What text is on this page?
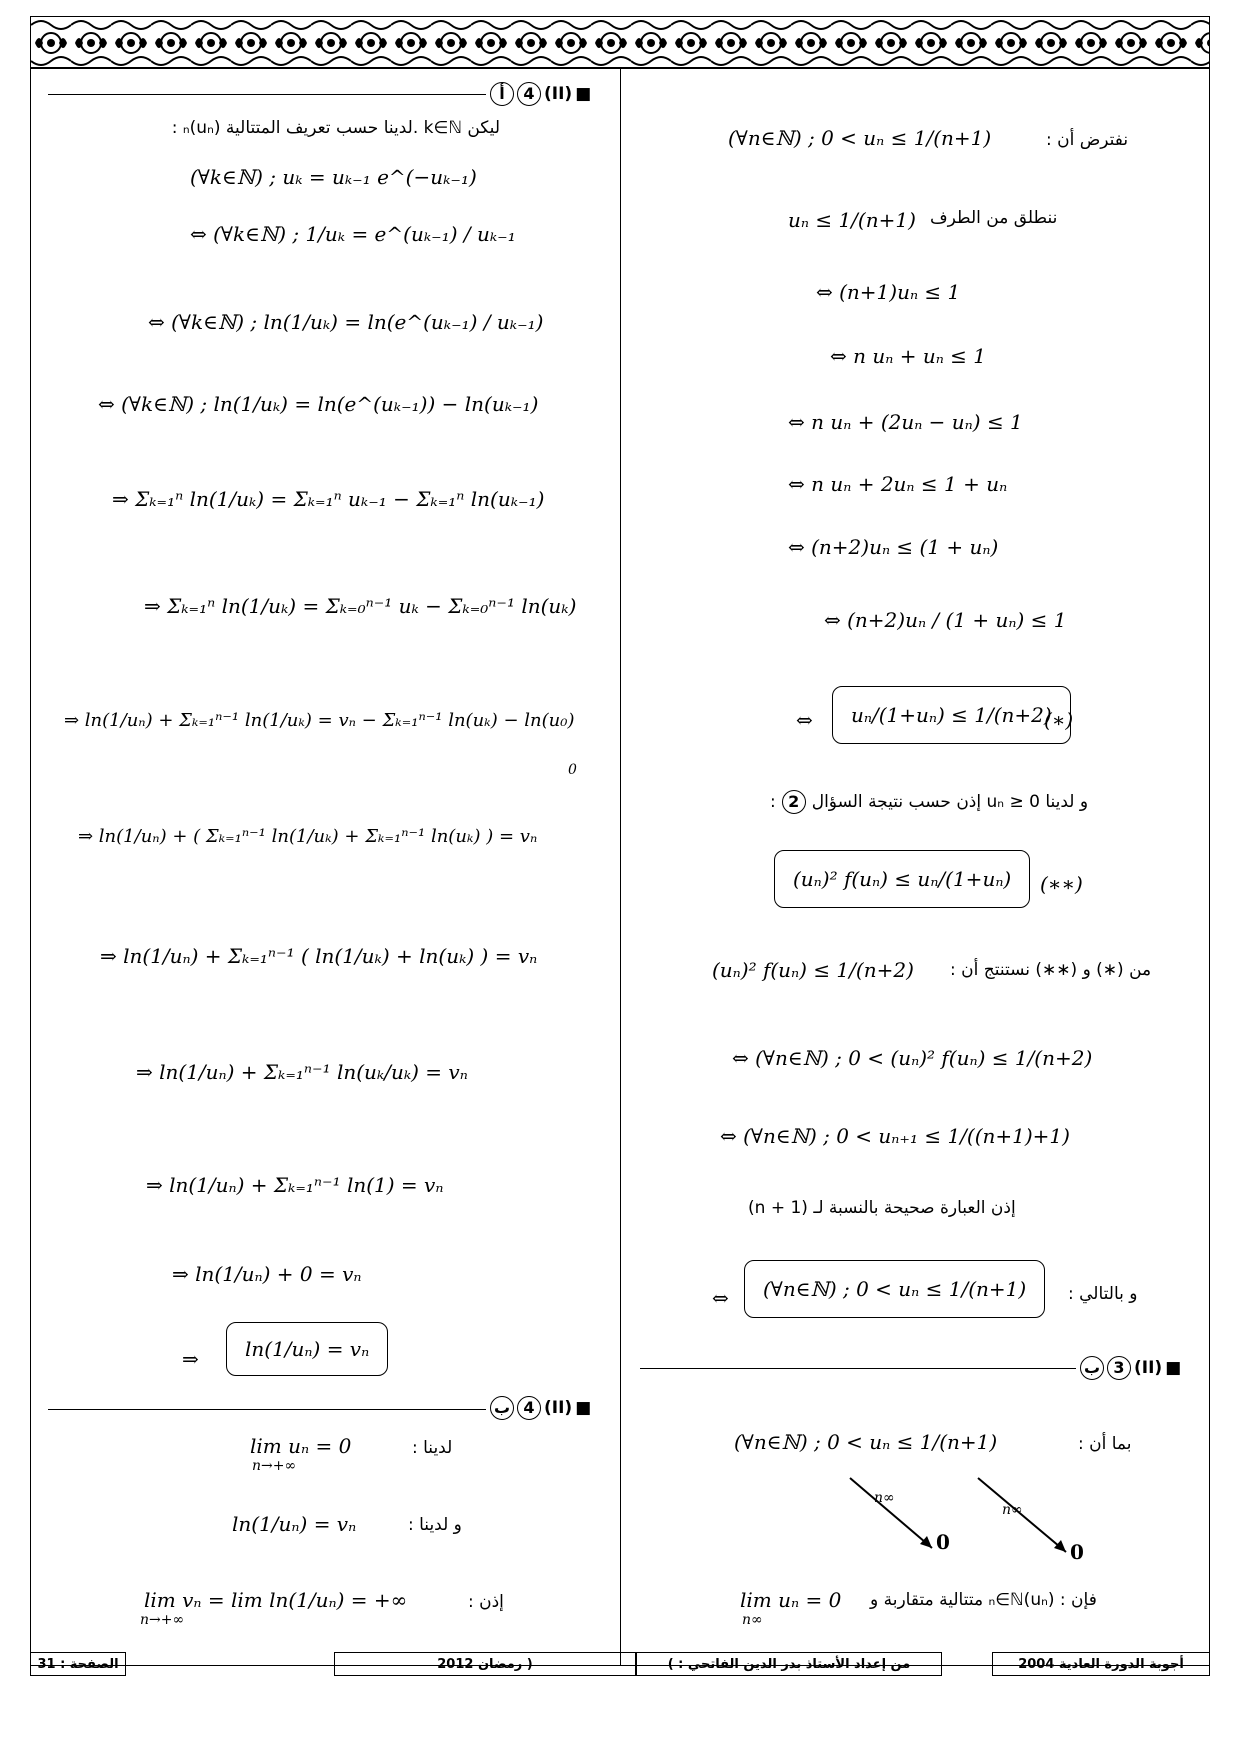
أ	4 (II) ■
ليكن k∈ℕ .لدينا حسب تعريف المتتالية (uₙ)ₙ :
(∀k∈ℕ) ; uₖ = uₖ₋₁ e^(−uₖ₋₁)
⇔ (∀k∈ℕ) ; 1/uₖ = e^(uₖ₋₁) / uₖ₋₁
⇔ (∀k∈ℕ) ; ln(1/uₖ) = ln(e^(uₖ₋₁) / uₖ₋₁)
⇔ (∀k∈ℕ) ; ln(1/uₖ) = ln(e^(uₖ₋₁)) − ln(uₖ₋₁)
⇒ Σₖ₌₁ⁿ ln(1/uₖ) = Σₖ₌₁ⁿ uₖ₋₁ − Σₖ₌₁ⁿ ln(uₖ₋₁)
⇒ Σₖ₌₁ⁿ ln(1/uₖ) = Σₖ₌₀ⁿ⁻¹ uₖ − Σₖ₌₀ⁿ⁻¹ ln(uₖ)
⇒ ln(1/uₙ) + Σₖ₌₁ⁿ⁻¹ ln(1/uₖ) = vₙ − Σₖ₌₁ⁿ⁻¹ ln(uₖ) − ln(u₀)
0
⇒ ln(1/uₙ) + ( Σₖ₌₁ⁿ⁻¹ ln(1/uₖ) + Σₖ₌₁ⁿ⁻¹ ln(uₖ) ) = vₙ
⇒ ln(1/uₙ) + Σₖ₌₁ⁿ⁻¹ ( ln(1/uₖ) + ln(uₖ) ) = vₙ
⇒ ln(1/uₙ) + Σₖ₌₁ⁿ⁻¹ ln(uₖ/uₖ) = vₙ
⇒ ln(1/uₙ) + Σₖ₌₁ⁿ⁻¹ ln(1) = vₙ
⇒ ln(1/uₙ) + 0 = vₙ
⇒	ln(1/uₙ) = vₙ
ب 4 (II) ■
لدينا :
lim uₙ = 0
n→+∞
و لدينا :
ln(1/uₙ) = vₙ
إذن :
lim vₙ = lim ln(1/uₙ) = +∞
n→+∞
نفترض أن :
(∀n∈ℕ) ; 0 < uₙ ≤ 1/(n+1)
ننطلق من الطرف
uₙ ≤ 1/(n+1)
⇔ (n+1)uₙ ≤ 1
⇔ n uₙ + uₙ ≤ 1
⇔ n uₙ + (2uₙ − uₙ) ≤ 1
⇔ n uₙ + 2uₙ ≤ 1 + uₙ
⇔ (n+2)uₙ ≤ (1 + uₙ)
⇔ (n+2)uₙ / (1 + uₙ) ≤ 1
⇔	uₙ/(1+uₙ) ≤ 1/(n+2)
(∗)
و لدينا uₙ ≥ 0 إذن حسب نتيجة السؤال
2
:
(uₙ)² f(uₙ) ≤ uₙ/(1+uₙ)	(∗∗)
من (∗) و (∗∗) نستنتج أن :
(uₙ)² f(uₙ) ≤ 1/(n+2)
⇔ (∀n∈ℕ) ; 0 < (uₙ)² f(uₙ) ≤ 1/(n+2)
⇔ (∀n∈ℕ) ; 0 < uₙ₊₁ ≤ 1/((n+1)+1)
إذن العبارة صحيحة بالنسبة لـ (n + 1)
و بالتالي :
⇔	(∀n∈ℕ) ; 0 < uₙ ≤ 1/(n+1)
ب 3 (II) ■
بما أن :
(∀n∈ℕ) ; 0 < uₙ ≤ 1/(n+1)
n∞
n∞
0	0
فإن : (uₙ)ₙ∈ℕ متتالية متقاربة و
lim uₙ = 0
n∞
الصفحة :

31	( رمضان 2012	من إعداد الأستاذ بدر الدين الفاتحي : )	أجوبة الدورة العادية 2004
